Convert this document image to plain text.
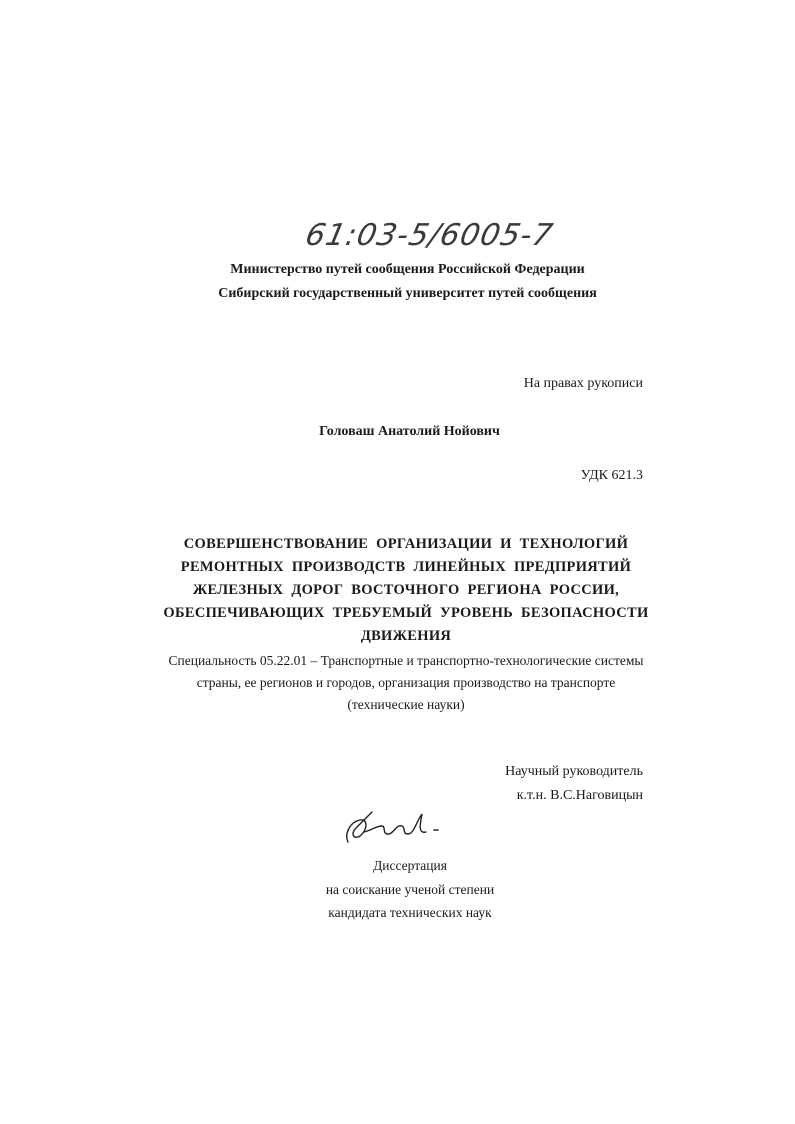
61:03-5/6005-7
Министерство путей сообщения Российской Федерации
Сибирский государственный университет путей сообщения
На правах рукописи
Головаш Анатолий Нойович
УДК 621.3
СОВЕРШЕНСТВОВАНИЕ ОРГАНИЗАЦИИ И ТЕХНОЛОГИЙ
РЕМОНТНЫХ ПРОИЗВОДСТВ ЛИНЕЙНЫХ ПРЕДПРИЯТИЙ
ЖЕЛЕЗНЫХ ДОРОГ ВОСТОЧНОГО РЕГИОНА РОССИИ,
ОБЕСПЕЧИВАЮЩИХ ТРЕБУЕМЫЙ УРОВЕНЬ БЕЗОПАСНОСТИ
ДВИЖЕНИЯ
Специальность 05.22.01 – Транспортные и транспортно-технологические системы
страны, ее регионов и городов, организация производство на транспорте
(технические науки)
Научный руководитель
к.т.н. В.С.Наговицын
Диссертация
на соискание ученой степени
кандидата технических наук
